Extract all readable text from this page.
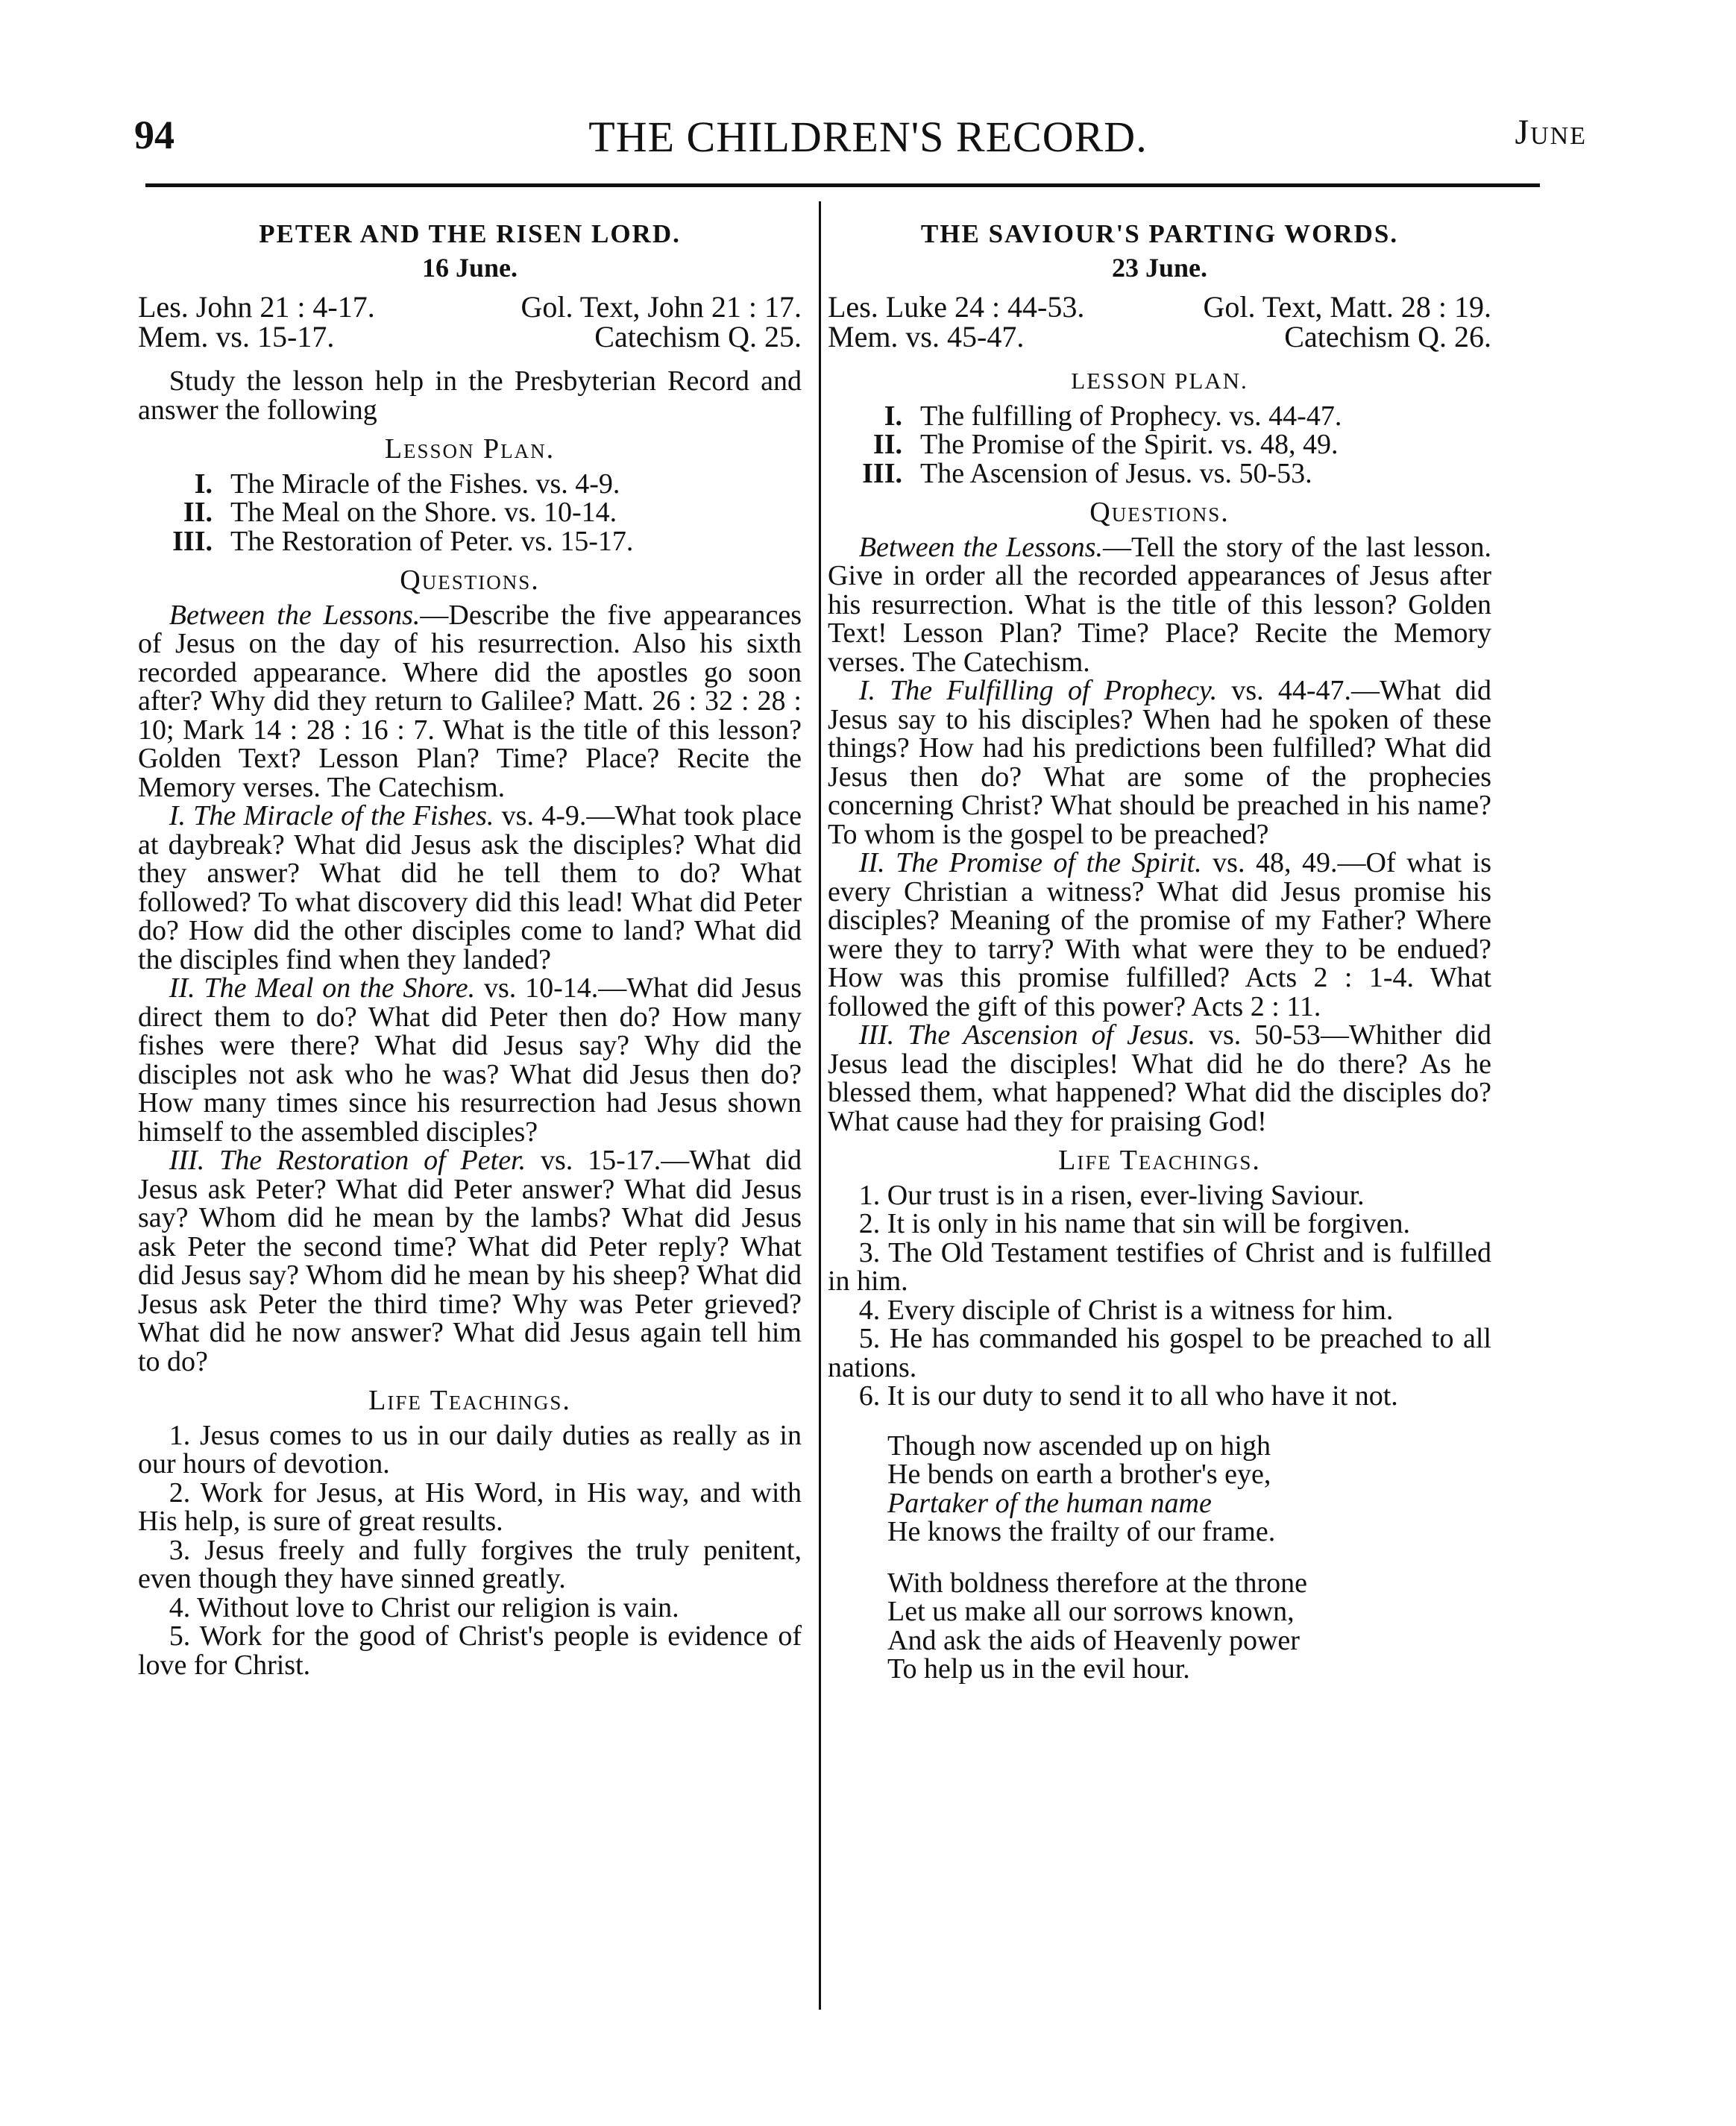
94	THE CHILDREN'S RECORD.	June

PETER AND THE RISEN LORD.

16 June.

Les. John 21 : 4-17.	Gol. Text, John 21 : 17.
Mem. vs. 15-17.	Catechism Q. 25.

Study the lesson help in the Presbyterian Record and answer the following

Lesson Plan.

I. The Miracle of the Fishes. vs. 4-9.
II. The Meal on the Shore. vs. 10-14.
III. The Restoration of Peter. vs. 15-17.

Questions.

Between the Lessons.—Describe the five appearances of Jesus on the day of his resurrection. Also his sixth recorded appearance. Where did the apostles go soon after? Why did they return to Galilee? Matt. 26 : 32 : 28 : 10; Mark 14 : 28 : 16 : 7. What is the title of this lesson? Golden Text? Lesson Plan? Time? Place? Recite the Memory verses. The Catechism.

I. The Miracle of the Fishes. vs. 4-9.—What took place at daybreak? What did Jesus ask the disciples? What did they answer? What did he tell them to do? What followed? To what discovery did this lead! What did Peter do? How did the other disciples come to land? What did the disciples find when they landed?

II. The Meal on the Shore. vs. 10-14.—What did Jesus direct them to do? What did Peter then do? How many fishes were there? What did Jesus say? Why did the disciples not ask who he was? What did Jesus then do? How many times since his resurrection had Jesus shown himself to the assembled disciples?

III. The Restoration of Peter. vs. 15-17.—What did Jesus ask Peter? What did Peter answer? What did Jesus say? Whom did he mean by the lambs? What did Jesus ask Peter the second time? What did Peter reply? What did Jesus say? Whom did he mean by his sheep? What did Jesus ask Peter the third time? Why was Peter grieved? What did he now answer? What did Jesus again tell him to do?

Life Teachings.

1. Jesus comes to us in our daily duties as really as in our hours of devotion.

2. Work for Jesus, at His Word, in His way, and with His help, is sure of great results.

3. Jesus freely and fully forgives the truly penitent, even though they have sinned greatly.

4. Without love to Christ our religion is vain.

5. Work for the good of Christ's people is evidence of love for Christ.

THE SAVIOUR'S PARTING WORDS.

23 June.

Les. Luke 24 : 44-53.	Gol. Text, Matt. 28 : 19.
Mem. vs. 45-47.	Catechism Q. 26.

LESSON PLAN.

I. The fulfilling of Prophecy. vs. 44-47.
II. The Promise of the Spirit. vs. 48, 49.
III. The Ascension of Jesus. vs. 50-53.

Questions.

Between the Lessons.—Tell the story of the last lesson. Give in order all the recorded appearances of Jesus after his resurrection. What is the title of this lesson? Golden Text! Lesson Plan? Time? Place? Recite the Memory verses. The Catechism.

I. The Fulfilling of Prophecy. vs. 44-47.—What did Jesus say to his disciples? When had he spoken of these things? How had his predictions been fulfilled? What did Jesus then do? What are some of the prophecies concerning Christ? What should be preached in his name? To whom is the gospel to be preached?

II. The Promise of the Spirit. vs. 48, 49.—Of what is every Christian a witness? What did Jesus promise his disciples? Meaning of the promise of my Father? Where were they to tarry? With what were they to be endued? How was this promise fulfilled? Acts 2 : 1-4. What followed the gift of this power? Acts 2 : 11.

III. The Ascension of Jesus. vs. 50-53—Whither did Jesus lead the disciples! What did he do there? As he blessed them, what happened? What did the disciples do? What cause had they for praising God!

Life Teachings.

1. Our trust is in a risen, ever-living Saviour.

2. It is only in his name that sin will be forgiven.

3. The Old Testament testifies of Christ and is fulfilled in him.

4. Every disciple of Christ is a witness for him.

5. He has commanded his gospel to be preached to all nations.

6. It is our duty to send it to all who have it not.

Though now ascended up on high
He bends on earth a brother's eye,
Partaker of the human name
He knows the frailty of our frame.
With boldness therefore at the throne
Let us make all our sorrows known,
And ask the aids of Heavenly power
To help us in the evil hour.
